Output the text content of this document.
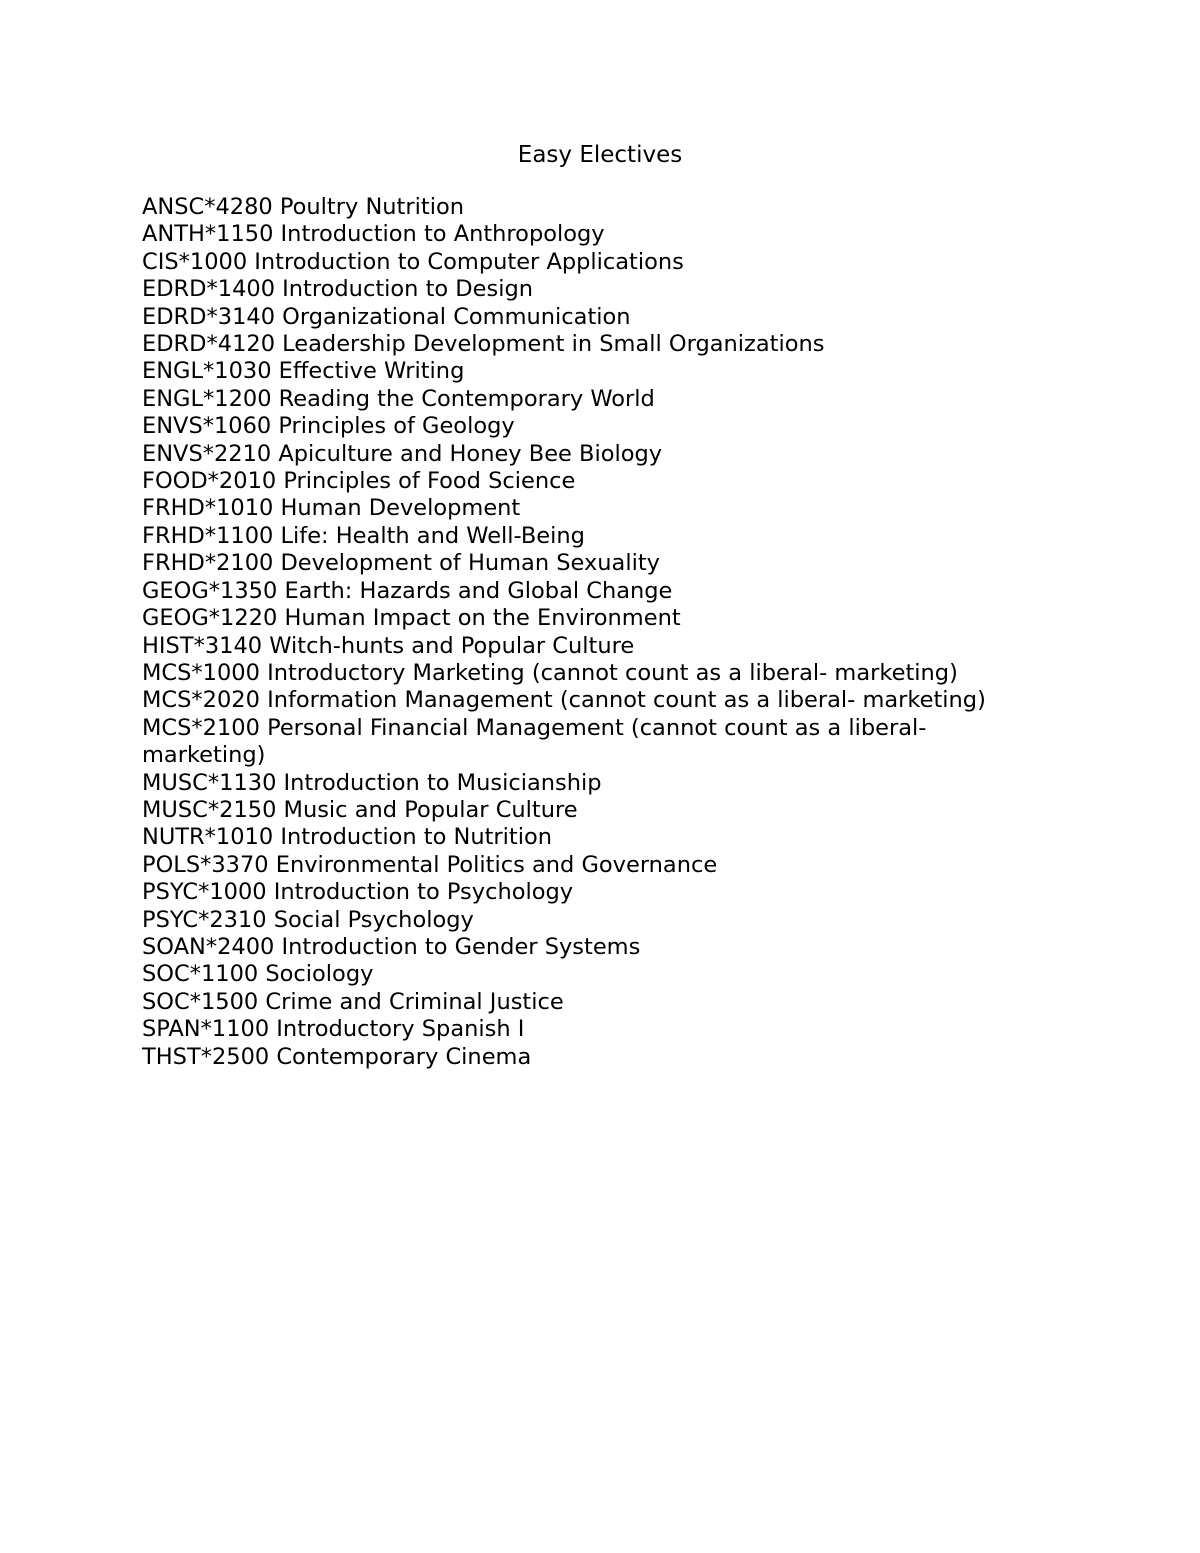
Easy Electives
ANSC*4280 Poultry Nutrition
ANTH*1150 Introduction to Anthropology
CIS*1000 Introduction to Computer Applications
EDRD*1400 Introduction to Design
EDRD*3140 Organizational Communication
EDRD*4120 Leadership Development in Small Organizations
ENGL*1030 Effective Writing
ENGL*1200 Reading the Contemporary World
ENVS*1060 Principles of Geology
ENVS*2210 Apiculture and Honey Bee Biology
FOOD*2010 Principles of Food Science
FRHD*1010 Human Development
FRHD*1100 Life: Health and Well-Being
FRHD*2100 Development of Human Sexuality
GEOG*1350 Earth: Hazards and Global Change
GEOG*1220 Human Impact on the Environment
HIST*3140 Witch-hunts and Popular Culture
MCS*1000 Introductory Marketing (cannot count as a liberal- marketing)
MCS*2020 Information Management (cannot count as a liberal- marketing)
MCS*2100 Personal Financial Management (cannot count as a liberal-
marketing)
MUSC*1130 Introduction to Musicianship
MUSC*2150 Music and Popular Culture
NUTR*1010 Introduction to Nutrition
POLS*3370 Environmental Politics and Governance
PSYC*1000 Introduction to Psychology
PSYC*2310 Social Psychology
SOAN*2400 Introduction to Gender Systems
SOC*1100 Sociology
SOC*1500 Crime and Criminal Justice
SPAN*1100 Introductory Spanish I
THST*2500 Contemporary Cinema
